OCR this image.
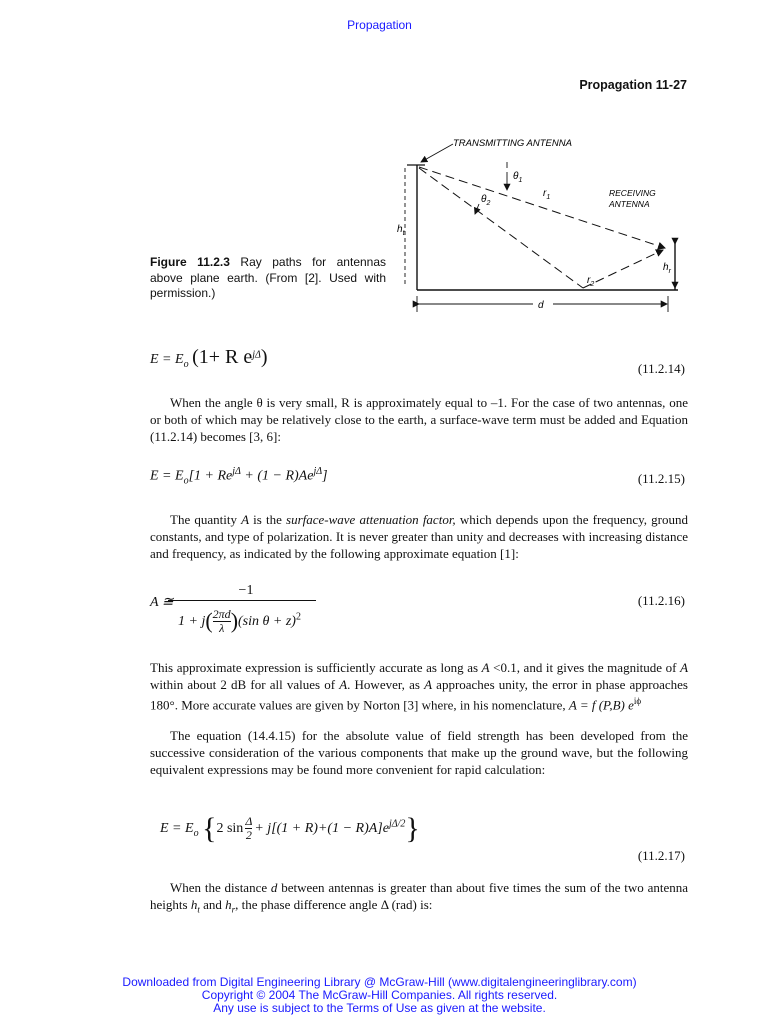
Propagation
Propagation 11-27
Figure 11.2.3 Ray paths for antennas above plane earth. (From [2]. Used with permission.)
TRANSMITTING ANTENNA
RECEIVING
ANTENNA
$\theta_1$
$\theta_2$
$r_1$
$r_2$
$h_t$
$h_r$
d
$E = E_o$ (1+ R $e^{j\Delta}$)
(11.2.14)
When the angle θ is very small, R is approximately equal to –1. For the case of two antennas, one or both of which may be relatively close to the earth, a surface-wave term must be added and Equation (11.2.14) becomes [3, 6]:
$E = E_o[1 + Re^{j\Delta} + (1 - R)Ae^{j\Delta}]$	(11.2.15)
The quantity A is the surface-wave attenuation factor, which depends upon the frequency, ground constants, and type of polarization. It is never greater than unity and decreases with increasing distance and frequency, as indicated by the following approximate equation [1]:
A ≅
−1
$1 + j( \frac{2\pi d}{\lambda} )(\sin$ θ + z)$^2$
(11.2.16)
This approximate expression is sufficiently accurate as long as A <0.1, and it gives the magnitude of A within about 2 dB for all values of A. However, as A approaches unity, the error in phase approaches 180°. More accurate values are given by Norton [3] where, in his nomenclature, A = f (P,B) $e^{i\phi}$
The equation (14.4.15) for the absolute value of field strength has been developed from the successive consideration of the various components that make up the ground wave, but the following equivalent expressions may be found more convenient for rapid calculation:
$E = E_o$ {2 $\sin \frac{\Delta}{2} + j[(1 + R)+(1 - R)A]e^{j\Delta/2}$}
(11.2.17)
When the distance d between antennas is greater than about five times the sum of the two antenna heights $h_t$ and $h_r$, the phase difference angle Δ (rad) is:
Downloaded from Digital Engineering Library @ McGraw-Hill (www.digitalengineeringlibrary.com)
Copyright © 2004 The McGraw-Hill Companies. All rights reserved.
Any use is subject to the Terms of Use as given at the website.
